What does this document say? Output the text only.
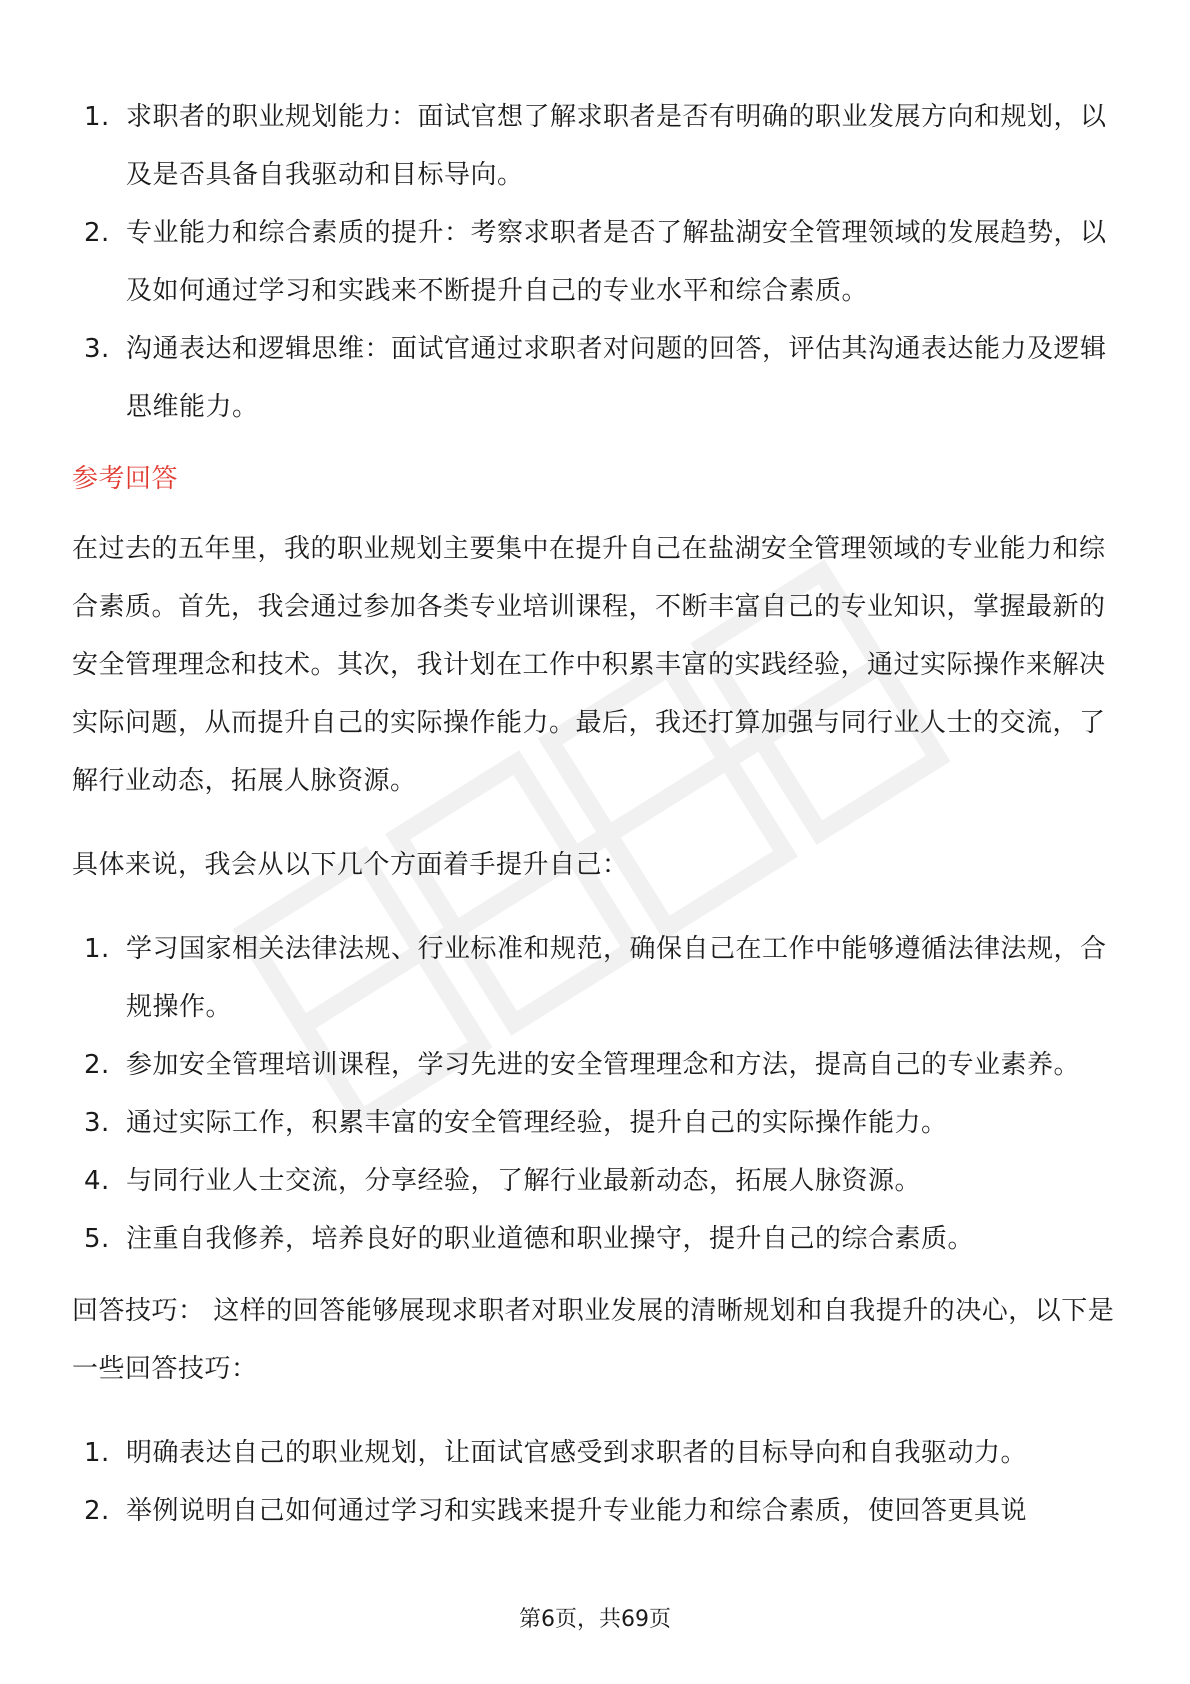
1. 求职者的职业规划能力：面试官想了解求职者是否有明确的职业发展方向和规划，以及是否具备自我驱动和目标导向。
2. 专业能力和综合素质的提升：考察求职者是否了解盐湖安全管理领域的发展趋势，以及如何通过学习和实践来不断提升自己的专业水平和综合素质。
3. 沟通表达和逻辑思维：面试官通过求职者对问题的回答，评估其沟通表达能力及逻辑思维能力。
参考回答

在过去的五年里，我的职业规划主要集中在提升自己在盐湖安全管理领域的专业能力和综合素质。首先，我会通过参加各类专业培训课程，不断丰富自己的专业知识，掌握最新的安全管理理念和技术。其次，我计划在工作中积累丰富的实践经验，通过实际操作来解决实际问题，从而提升自己的实际操作能力。最后，我还打算加强与同行业人士的交流，了解行业动态，拓展人脉资源。

具体来说，我会从以下几个方面着手提升自己：

1. 学习国家相关法律法规、行业标准和规范，确保自己在工作中能够遵循法律法规，合规操作。
2. 参加安全管理培训课程，学习先进的安全管理理念和方法，提高自己的专业素养。
3. 通过实际工作，积累丰富的安全管理经验，提升自己的实际操作能力。
4. 与同行业人士交流，分享经验，了解行业最新动态，拓展人脉资源。
5. 注重自我修养，培养良好的职业道德和职业操守，提升自己的综合素质。

回答技巧： 这样的回答能够展现求职者对职业发展的清晰规划和自我提升的决心，以下是一些回答技巧：

1. 明确表达自己的职业规划，让面试官感受到求职者的目标导向和自我驱动力。
2. 举例说明自己如何通过学习和实践来提升专业能力和综合素质，使回答更具说
第6页，共69页
